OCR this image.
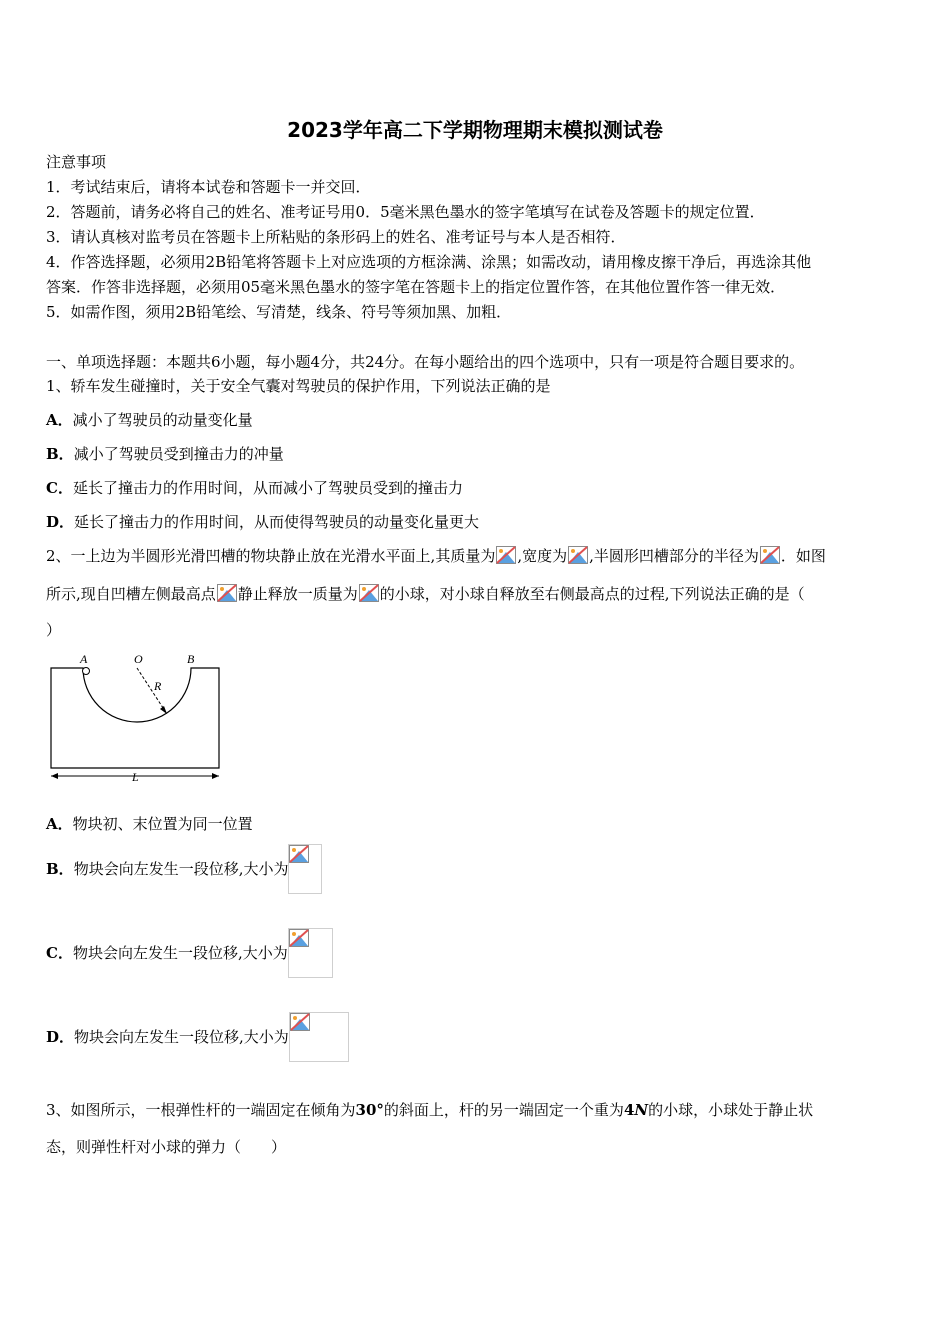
2023学年高二下学期物理期末模拟测试卷
注意事项
1．考试结束后，请将本试卷和答题卡一并交回．
2．答题前，请务必将自己的姓名、准考证号用0．5毫米黑色墨水的签字笔填写在试卷及答题卡的规定位置．
3．请认真核对监考员在答题卡上所粘贴的条形码上的姓名、准考证号与本人是否相符．
4．作答选择题，必须用2B铅笔将答题卡上对应选项的方框涂满、涂黑；如需改动，请用橡皮擦干净后，再选涂其他
答案．作答非选择题，必须用05毫米黑色墨水的签字笔在答题卡上的指定位置作答，在其他位置作答一律无效．
5．如需作图，须用2B铅笔绘、写清楚，线条、符号等须加黑、加粗．
一、单项选择题：本题共6小题，每小题4分，共24分。在每小题给出的四个选项中，只有一项是符合题目要求的。
1、轿车发生碰撞时，关于安全气囊对驾驶员的保护作用，下列说法正确的是
A．减小了驾驶员的动量变化量
B．减小了驾驶员受到撞击力的冲量
C．延长了撞击力的作用时间，从而减小了驾驶员受到的撞击力
D．延长了撞击力的作用时间，从而使得驾驶员的动量变化量更大
2、一上边为半圆形光滑凹槽的物块静止放在光滑水平面上,其质量为 ,宽度为 ,半圆形凹槽部分的半径为 ．如图
所示,现自凹槽左侧最高点 静止释放一质量为 的小球，对小球自释放至右侧最高点的过程,下列说法正确的是（
）
A	O	B
R
L
A．物块初、末位置为同一位置
B．物块会向左发生一段位移,大小为
C．物块会向左发生一段位移,大小为
D．物块会向左发生一段位移,大小为
3、如图所示，一根弹性杆的一端固定在倾角为30°的斜面上，杆的另一端固定一个重为4N的小球，小球处于静止状
态，则弹性杆对小球的弹力（　　）
